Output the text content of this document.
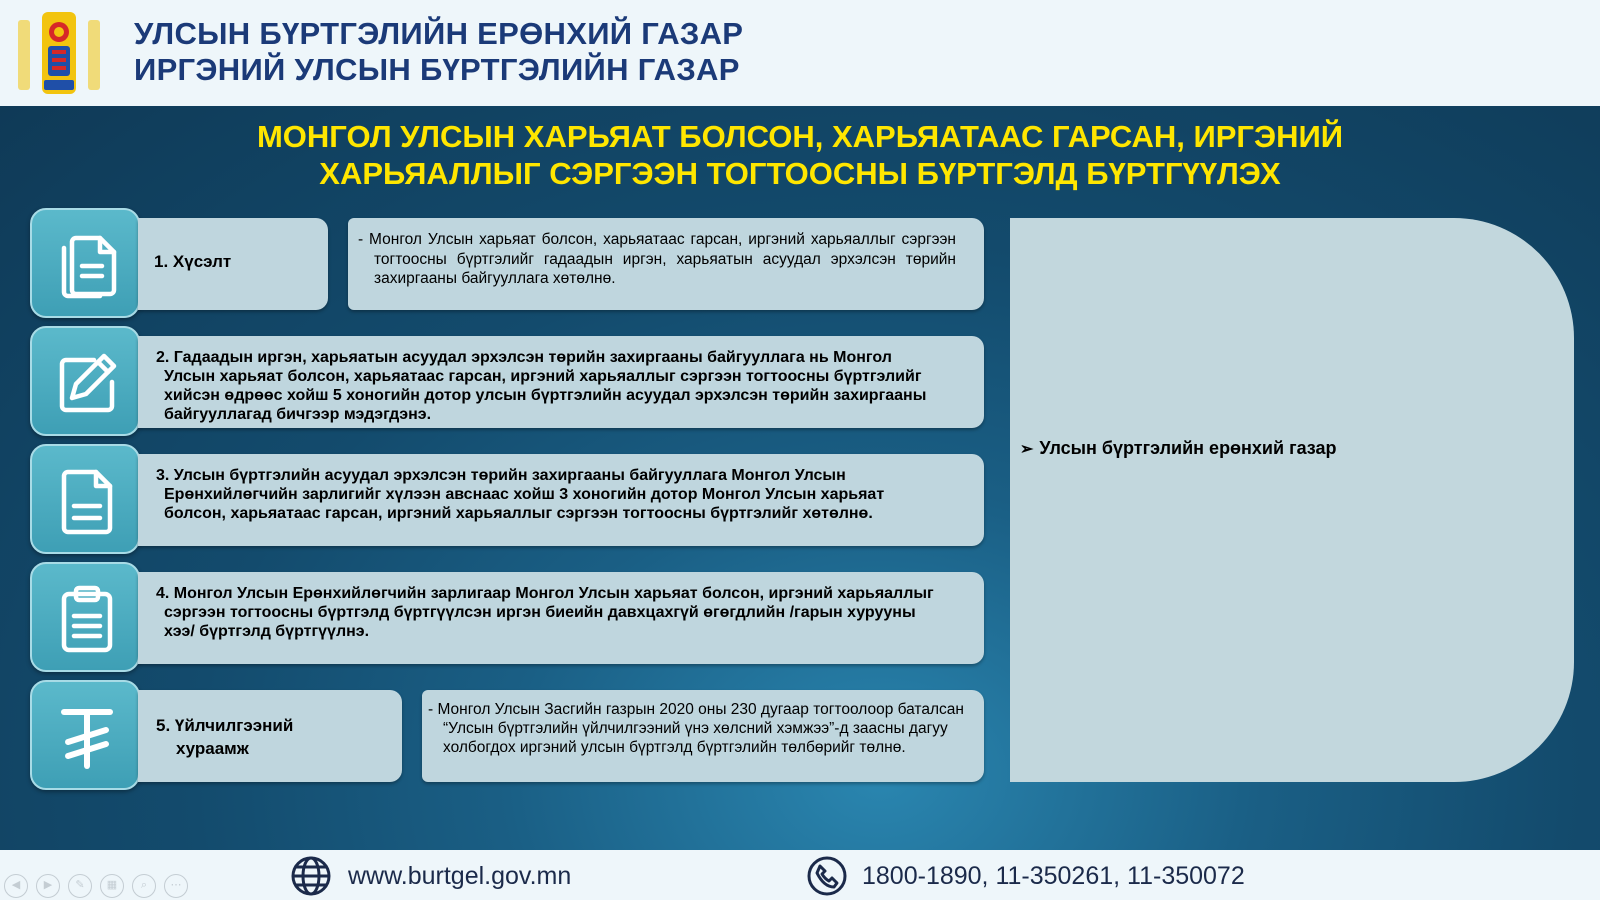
УЛСЫН БҮРТГЭЛИЙН ЕРӨНХИЙ ГАЗАР
ИРГЭНИЙ УЛСЫН БҮРТГЭЛИЙН ГАЗАР
МОНГОЛ УЛСЫН ХАРЬЯАТ БОЛСОН, ХАРЬЯАТААС ГАРСАН, ИРГЭНИЙ
ХАРЬЯАЛЛЫГ СЭРГЭЭН ТОГТООСНЫ БҮРТГЭЛД БҮРТГҮҮЛЭХ
1. Хүсэлт

- Монгол Улсын харьяат болсон, харьяатаас гарсан, иргэний харьяаллыг сэргээн тогтоосны бүртгэлийг гадаадын иргэн, харьяатын асуудал эрхэлсэн төрийн захиргааны байгууллага хөтөлнө.

2. Гадаадын иргэн, харьяатын асуудал эрхэлсэн төрийн захиргааны байгууллага нь Монгол Улсын харьяат болсон, харьяатаас гарсан, иргэний харьяаллыг сэргээн тогтоосны бүртгэлийг хийсэн өдрөөс хойш 5 хоногийн дотор улсын бүртгэлийн асуудал эрхэлсэн төрийн захиргааны байгууллагад бичгээр мэдэгдэнэ.

3. Улсын бүртгэлийн асуудал эрхэлсэн төрийн захиргааны байгууллага Монгол Улсын Ерөнхийлөгчийн зарлигийг хүлээн авснаас хойш 3 хоногийн дотор Монгол Улсын харьяат болсон, харьяатаас гарсан, иргэний харьяаллыг сэргээн тогтоосны бүртгэлийг хөтөлнө.

4. Монгол Улсын Ерөнхийлөгчийн зарлигаар Монгол Улсын харьяат болсон, иргэний харьяаллыг сэргээн тогтоосны бүртгэлд бүртгүүлсэн иргэн биеийн давхцахгүй өгөгдлийн /гарын хурууны хээ/ бүртгэлд бүртгүүлнэ.

5. Үйлчилгээний
хураамж

- Монгол Улсын Засгийн газрын 2020 оны 230 дугаар тогтоолоор баталсан “Улсын бүртгэлийн үйлчилгээний үнэ хөлсний хэмжээ”-д заасны дагуу холбогдох иргэний улсын бүртгэлд бүртгэлийн төлбөрийг төлнө.

➢ Улсын бүртгэлийн ерөнхий газар
◀	▶	✎	▦	⌕	⋯	www.burtgel.gov.mn	1800-1890, 11-350261, 11-350072
